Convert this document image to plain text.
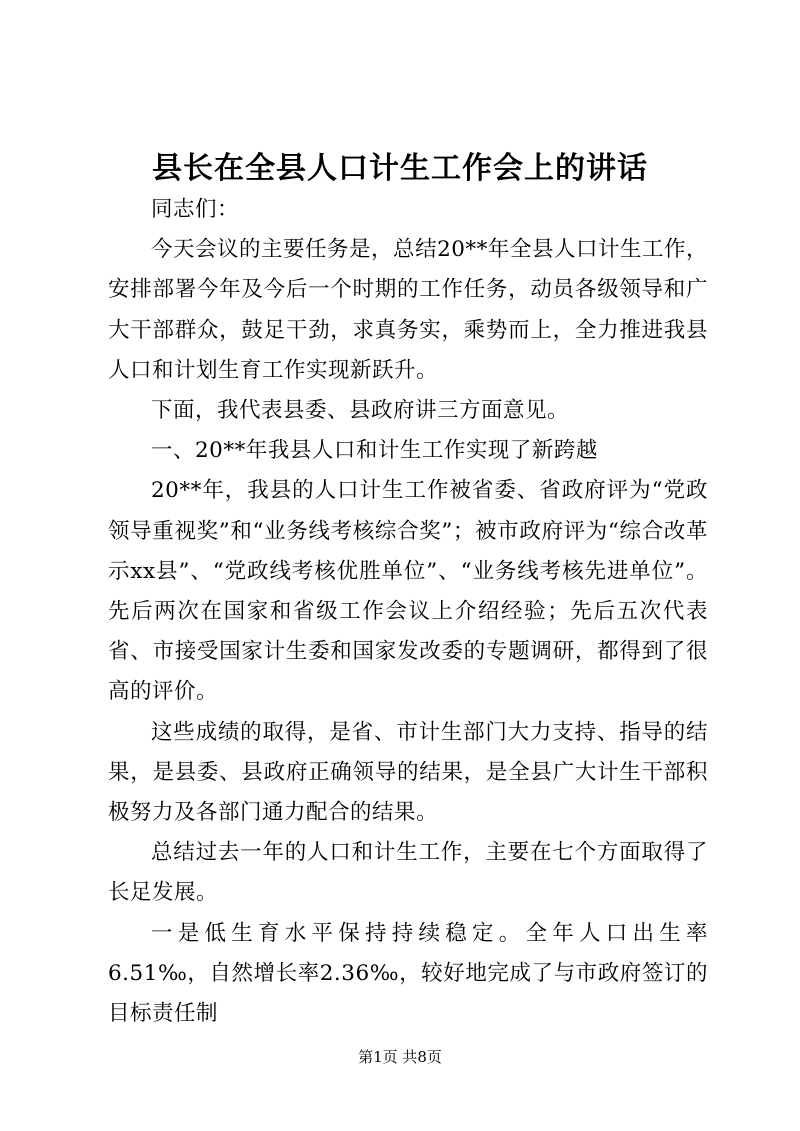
县长在全县人口计生工作会上的讲话

同志们：

今天会议的主要任务是，总结20**年全县人口计生工作，安排部署今年及今后一个时期的工作任务，动员各级领导和广大干部群众，鼓足干劲，求真务实，乘势而上，全力推进我县人口和计划生育工作实现新跃升。

下面，我代表县委、县政府讲三方面意见。

一、20**年我县人口和计生工作实现了新跨越

20**年，我县的人口计生工作被省委、省政府评为“党政领导重视奖”和“业务线考核综合奖”；被市政府评为“综合改革示xx县”、“党政线考核优胜单位”、“业务线考核先进单位”。先后两次在国家和省级工作会议上介绍经验；先后五次代表省、市接受国家计生委和国家发改委的专题调研，都得到了很高的评价。

这些成绩的取得，是省、市计生部门大力支持、指导的结果，是县委、县政府正确领导的结果，是全县广大计生干部积极努力及各部门通力配合的结果。

总结过去一年的人口和计生工作，主要在七个方面取得了长足发展。

一是低生育水平保持持续稳定。全年人口出生率6.51‰，自然增长率2.36‰，较好地完成了与市政府签订的目标责任制

第1页 共8页
